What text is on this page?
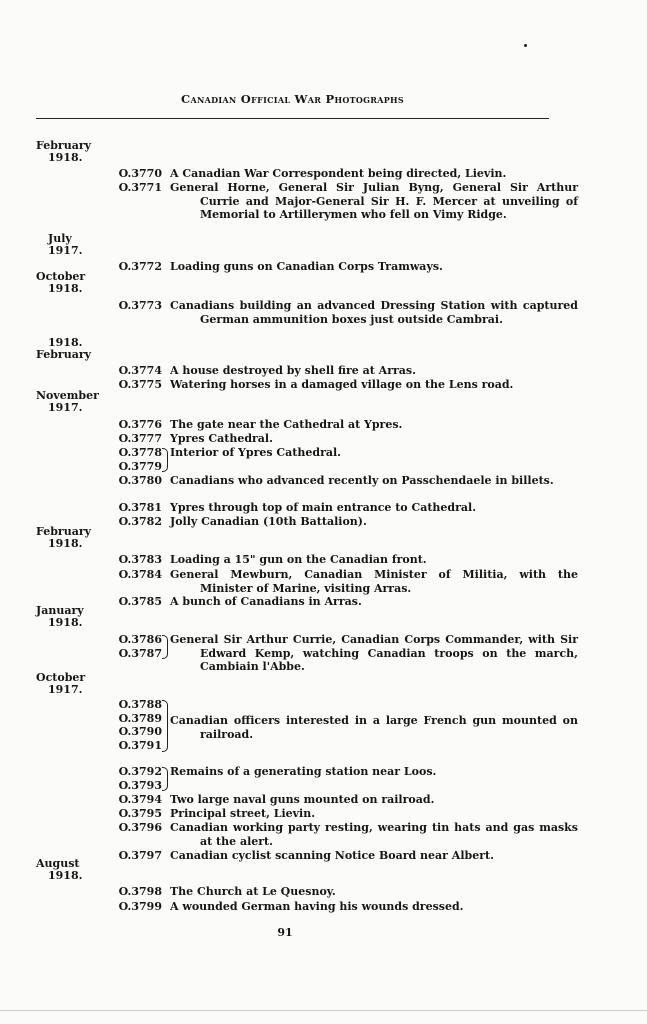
Canadian Official War Photographs
February
1918.
July
1917.
October
1918.
1918.
February
November
1917.
February
1918.
January
1918.
October
1917.
August
1918.
O.3770 A Canadian War Correspondent being directed, Lievin.
O.3771 General Horne, General Sir Julian Byng, General Sir Arthur Currie and Major-General Sir H. F. Mercer at unveiling of Memorial to Artillerymen who fell on Vimy Ridge.
O.3772 Loading guns on Canadian Corps Tramways.
O.3773 Canadians building an advanced Dressing Station with captured German ammunition boxes just outside Cambrai.
O.3774 A house destroyed by shell fire at Arras.
O.3775 Watering horses in a damaged village on the Lens road.
O.3776 The gate near the Cathedral at Ypres.
O.3777 Ypres Cathedral.
O.3778
O.3779
Interior of Ypres Cathedral.
O.3780 Canadians who advanced recently on Passchendaele in billets.
O.3781 Ypres through top of main entrance to Cathedral.
O.3782 Jolly Canadian (10th Battalion).
O.3783 Loading a 15" gun on the Canadian front.
O.3784 General Mewburn, Canadian Minister of Militia, with the Minister of Marine, visiting Arras.
O.3785 A bunch of Canadians in Arras.
O.3786
O.3787
General Sir Arthur Currie, Canadian Corps Commander, with Sir Edward Kemp, watching Canadian troops on the march, Cambiain l'Abbe.
O.3788
O.3789
O.3790
O.3791
Canadian officers interested in a large French gun mounted on railroad.
O.3792
O.3793
Remains of a generating station near Loos.
O.3794 Two large naval guns mounted on railroad.
O.3795 Principal street, Lievin.
O.3796 Canadian working party resting, wearing tin hats and gas masks at the alert.
O.3797 Canadian cyclist scanning Notice Board near Albert.
O.3798 The Church at Le Quesnoy.
O.3799 A wounded German having his wounds dressed.
91
